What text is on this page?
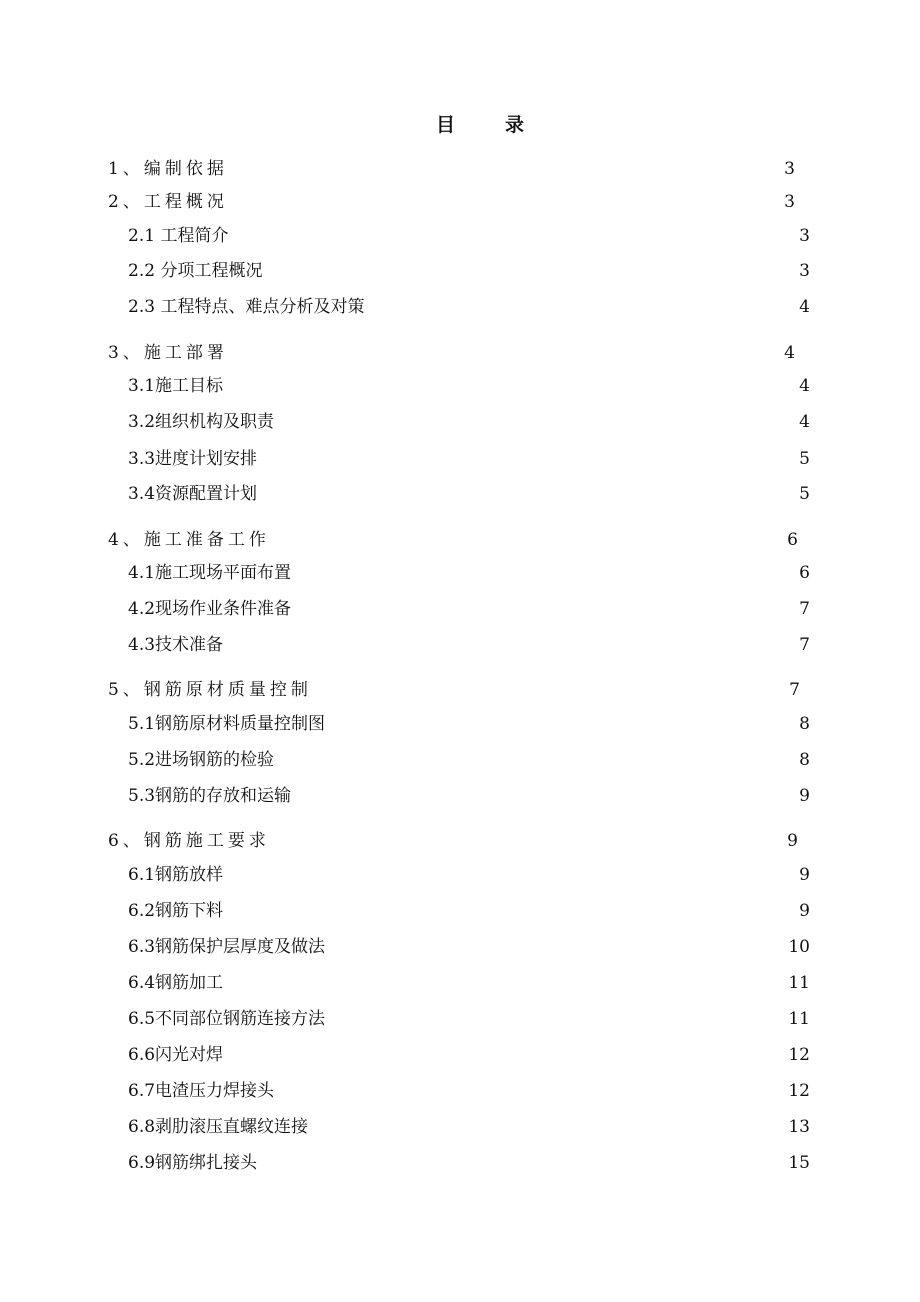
目	录
1、编制依据	3
2、工程概况	3
2.1 工程简介	3
2.2 分项工程概况	3
2.3 工程特点、难点分析及对策	4
3、施工部署	4
3.1施工目标	4
3.2组织机构及职责	4
3.3进度计划安排	5
3.4资源配置计划	5
4、施工准备工作	6
4.1施工现场平面布置	6
4.2现场作业条件准备	7
4.3技术准备	7
5、钢筋原材质量控制	7
5.1钢筋原材料质量控制图	8
5.2进场钢筋的检验	8
5.3钢筋的存放和运输	9
6、钢筋施工要求	9
6.1钢筋放样	9
6.2钢筋下料	9
6.3钢筋保护层厚度及做法	10
6.4钢筋加工	11
6.5不同部位钢筋连接方法	11
6.6闪光对焊	12
6.7电渣压力焊接头	12
6.8剥肋滚压直螺纹连接	13
6.9钢筋绑扎接头	15
